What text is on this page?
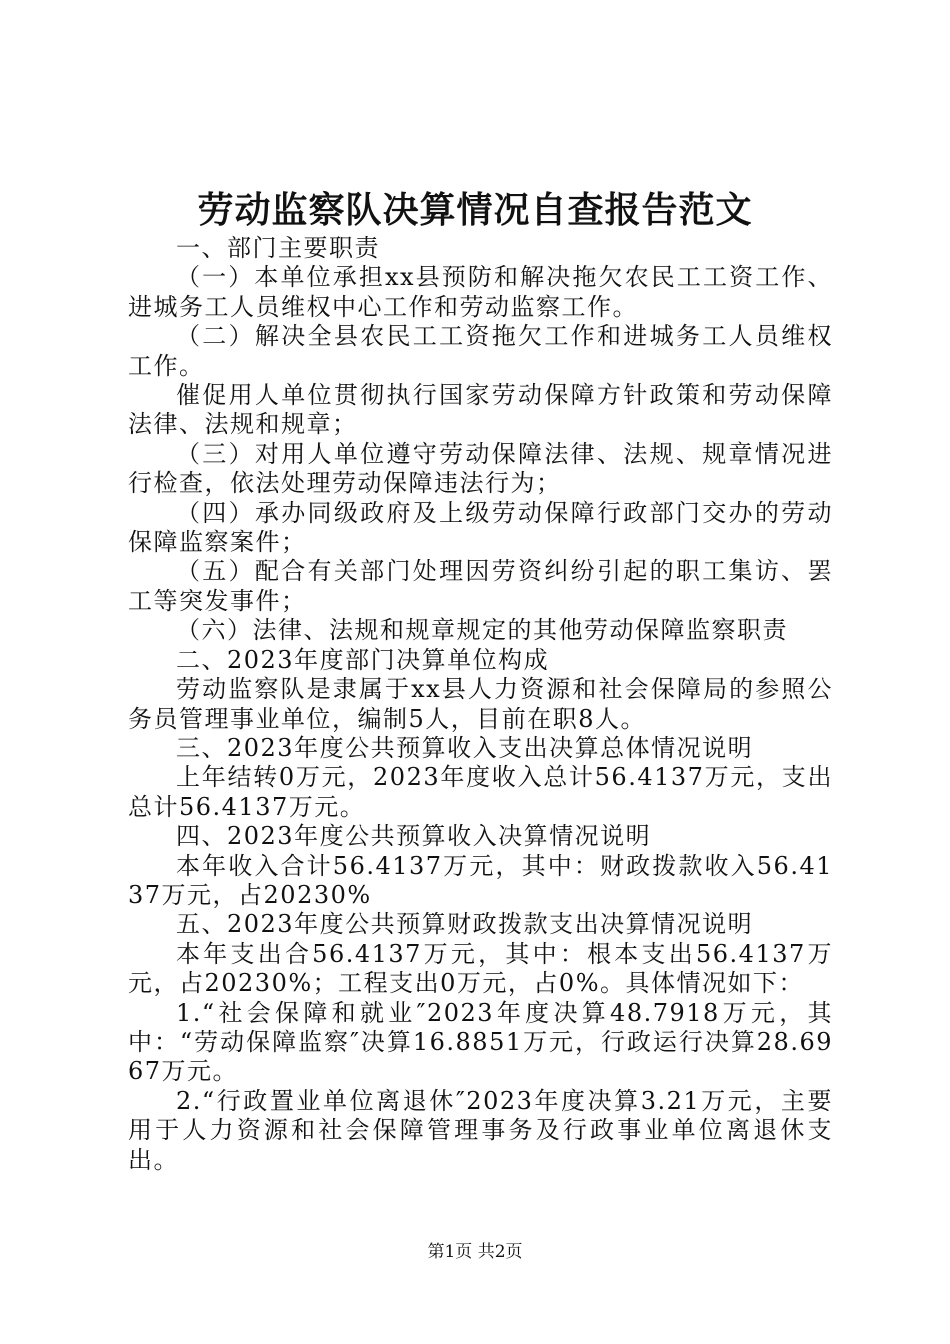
劳动监察队决算情况自查报告范文

一、部门主要职责

（一）本单位承担xx县预防和解决拖欠农民工工资工作、进城务工人员维权中心工作和劳动监察工作。

（二）解决全县农民工工资拖欠工作和进城务工人员维权工作。

催促用人单位贯彻执行国家劳动保障方针政策和劳动保障法律、法规和规章；

（三）对用人单位遵守劳动保障法律、法规、规章情况进行检查，依法处理劳动保障违法行为；

（四）承办同级政府及上级劳动保障行政部门交办的劳动保障监察案件；

（五）配合有关部门处理因劳资纠纷引起的职工集访、罢工等突发事件；

（六）法律、法规和规章规定的其他劳动保障监察职责

二、2023年度部门决算单位构成

劳动监察队是隶属于xx县人力资源和社会保障局的参照公务员管理事业单位，编制5人，目前在职8人。

三、2023年度公共预算收入支出决算总体情况说明

上年结转0万元，2023年度收入总计56.4137万元，支出总计56.4137万元。

四、2023年度公共预算收入决算情况说明

本年收入合计56.4137万元，其中：财政拨款收入56.4137万元，占20230%

五、2023年度公共预算财政拨款支出决算情况说明

本年支出合56.4137万元，其中：根本支出56.4137万元，占20230%；工程支出0万元，占0%。具体情况如下：

1.“社会保障和就业″2023年度决算48.7918万元，其中：“劳动保障监察″决算16.8851万元，行政运行决算28.6967万元。

2.“行政置业单位离退休″2023年度决算3.21万元，主要用于人力资源和社会保障管理事务及行政事业单位离退休支出。

第1页 共2页
